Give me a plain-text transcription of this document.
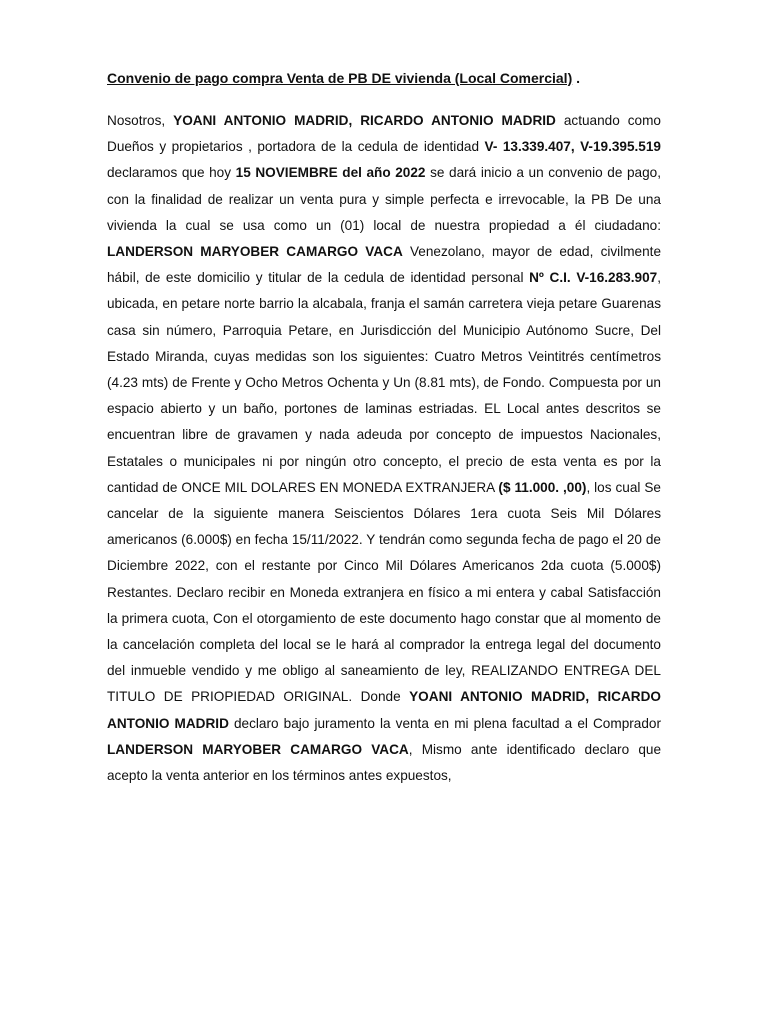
Convenio de pago compra Venta de PB DE vivienda (Local Comercial) .

Nosotros, YOANI ANTONIO MADRID, RICARDO ANTONIO MADRID actuando como Dueños y propietarios , portadora de la cedula de identidad V- 13.339.407, V-19.395.519 declaramos que hoy 15 NOVIEMBRE del año 2022 se dará inicio a un convenio de pago, con la finalidad de realizar un venta pura y simple perfecta e irrevocable, la PB De una vivienda la cual se usa como un (01) local de nuestra propiedad a él ciudadano: LANDERSON MARYOBER CAMARGO VACA Venezolano, mayor de edad, civilmente hábil, de este domicilio y titular de la cedula de identidad personal Nº C.I. V-16.283.907, ubicada, en petare norte barrio la alcabala, franja el samán carretera vieja petare Guarenas casa sin número, Parroquia Petare, en Jurisdicción del Municipio Autónomo Sucre, Del Estado Miranda, cuyas medidas son los siguientes: Cuatro Metros Veintitrés centímetros (4.23 mts) de Frente y Ocho Metros Ochenta y Un (8.81 mts), de Fondo. Compuesta por un espacio abierto y un baño, portones de laminas estriadas. EL Local antes descritos se encuentran libre de gravamen y nada adeuda por concepto de impuestos Nacionales, Estatales o municipales ni por ningún otro concepto, el precio de esta venta es por la cantidad de ONCE MIL DOLARES EN MONEDA EXTRANJERA ($ 11.000. ,00), los cual Se cancelar de la siguiente manera Seiscientos Dólares 1era cuota Seis Mil Dólares americanos (6.000$) en fecha 15/11/2022. Y tendrán como segunda fecha de pago el 20 de Diciembre 2022, con el restante por Cinco Mil Dólares Americanos 2da cuota (5.000$) Restantes. Declaro recibir en Moneda extranjera en físico a mi entera y cabal Satisfacción la primera cuota, Con el otorgamiento de este documento hago constar que al momento de la cancelación completa del local se le hará al comprador la entrega legal del documento del inmueble vendido y me obligo al saneamiento de ley, REALIZANDO ENTREGA DEL TITULO DE PRIOPIEDAD ORIGINAL. Donde YOANI ANTONIO MADRID, RICARDO ANTONIO MADRID declaro bajo juramento la venta en mi plena facultad a el Comprador LANDERSON MARYOBER CAMARGO VACA, Mismo ante identificado declaro que acepto la venta anterior en los términos antes expuestos,
